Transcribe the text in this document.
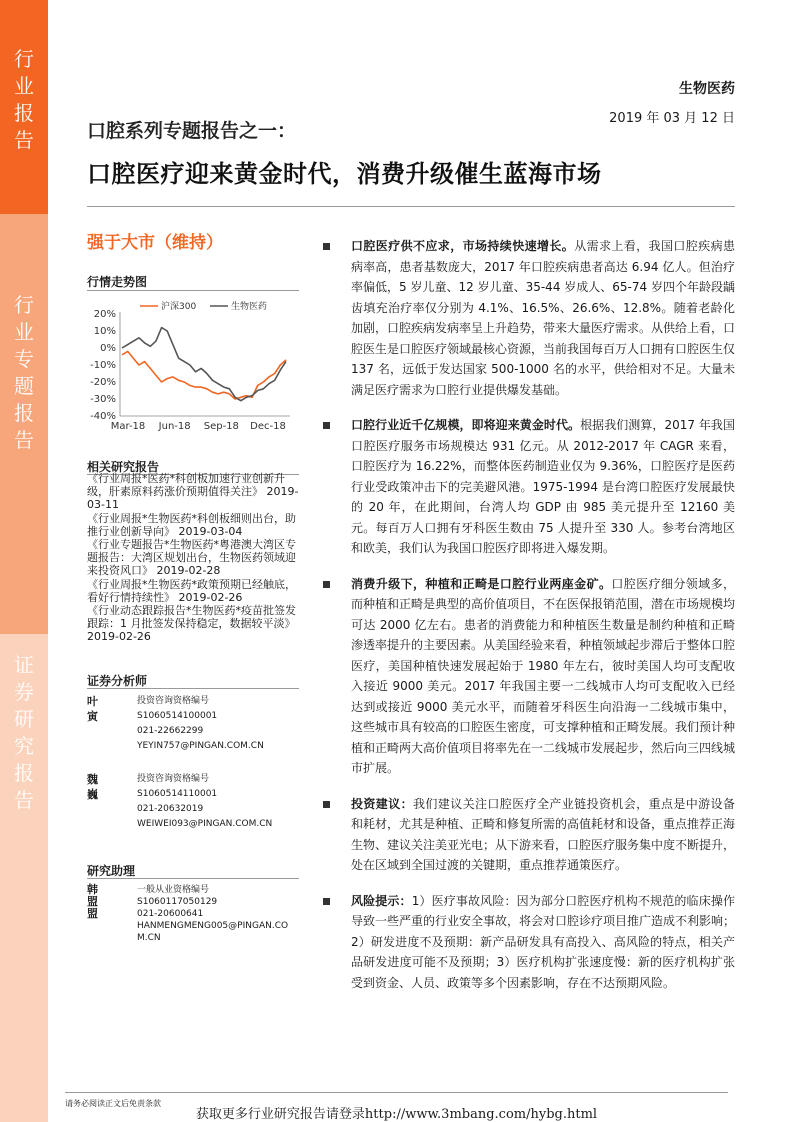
行业报告
行业专题报告
证券研究报告
生物医药
2019 年 03 月 12 日
口腔系列专题报告之一：
口腔医疗迎来黄金时代，消费升级催生蓝海市场
强于大市（维持）
行情走势图
20%
10%
0%
-10%
-20%
-30%
-40%
Mar-18 Jun-18 Sep-18 Dec-18
沪深300	生物医药
相关研究报告

《行业周报*医药*科创板加速行业创新升级，肝素原料药涨价预期值得关注》 2019-03-11

《行业周报*生物医药*科创板细则出台，助推行业创新导向》 2019-03-04

《行业专题报告*生物医药*粤港澳大湾区专题报告：大湾区规划出台，生物医药领域迎来投资风口》 2019-02-28

《行业周报*生物医药*政策预期已经触底，看好行情持续性》 2019-02-26

《行业动态跟踪报告*生物医药*疫苗批签发跟踪：1 月批签发保持稳定，数据较平淡》 2019-02-26

证券分析师
叶寅
投资咨询资格编号
S1060514100001
021-22662299
YEYIN757@PINGAN.COM.CN
魏巍
投资咨询资格编号
S1060514110001
021-20632019
WEIWEI093@PINGAN.COM.CN
研究助理
韩盟盟
一般从业资格编号
S1060117050129
021-20600641
HANMENGMENG005@PINGAN.CO
M.CN

口腔医疗供不应求，市场持续快速增长。从需求上看，我国口腔疾病患病率高，患者基数庞大，2017 年口腔疾病患者高达 6.94 亿人。但治疗率偏低，5 岁儿童、12 岁儿童、35-44 岁成人、65-74 岁四个年龄段龋齿填充治疗率仅分别为 4.1%、16.5%、26.6%、12.8%。随着老龄化加剧，口腔疾病发病率呈上升趋势，带来大量医疗需求。从供给上看，口腔医生是口腔医疗领域最核心资源，当前我国每百万人口拥有口腔医生仅 137 名，远低于发达国家 500-1000 名的水平，供给相对不足。大量未满足医疗需求为口腔行业提供爆发基础。

口腔行业近千亿规模，即将迎来黄金时代。根据我们测算，2017 年我国口腔医疗服务市场规模达 931 亿元。从 2012-2017 年 CAGR 来看，口腔医疗为 16.22%，而整体医药制造业仅为 9.36%，口腔医疗是医药行业受政策冲击下的完美避风港。1975-1994 是台湾口腔医疗发展最快的 20 年，在此期间，台湾人均 GDP 由 985 美元提升至 12160 美元。每百万人口拥有牙科医生数由 75 人提升至 330 人。参考台湾地区和欧美，我们认为我国口腔医疗即将进入爆发期。

消费升级下，种植和正畸是口腔行业两座金矿。口腔医疗细分领域多，而种植和正畸是典型的高价值项目，不在医保报销范围，潜在市场规模均可达 2000 亿左右。患者的消费能力和种植医生数量是制约种植和正畸渗透率提升的主要因素。从美国经验来看，种植领域起步滞后于整体口腔医疗，美国种植快速发展起始于 1980 年左右，彼时美国人均可支配收入接近 9000 美元。2017 年我国主要一二线城市人均可支配收入已经达到或接近 9000 美元水平，而随着牙科医生向沿海一二线城市集中，这些城市具有较高的口腔医生密度，可支撑种植和正畸发展。我们预计种植和正畸两大高价值项目将率先在一二线城市发展起步，然后向三四线城市扩展。

投资建议：我们建议关注口腔医疗全产业链投资机会，重点是中游设备和耗材，尤其是种植、正畸和修复所需的高值耗材和设备，重点推荐正海生物、建议关注美亚光电；从下游来看，口腔医疗服务集中度不断提升，处在区域到全国过渡的关键期，重点推荐通策医疗。

风险提示：1）医疗事故风险：因为部分口腔医疗机构不规范的临床操作导致一些严重的行业安全事故，将会对口腔诊疗项目推广造成不利影响；2）研发进度不及预期：新产品研发具有高投入、高风险的特点，相关产品研发进度可能不及预期；3）医疗机构扩张速度慢：新的医疗机构扩张受到资金、人员、政策等多个因素影响，存在不达预期风险。

请务必阅读正文后免责条款
获取更多行业研究报告请登录http://www.3mbang.com/hybg.html
